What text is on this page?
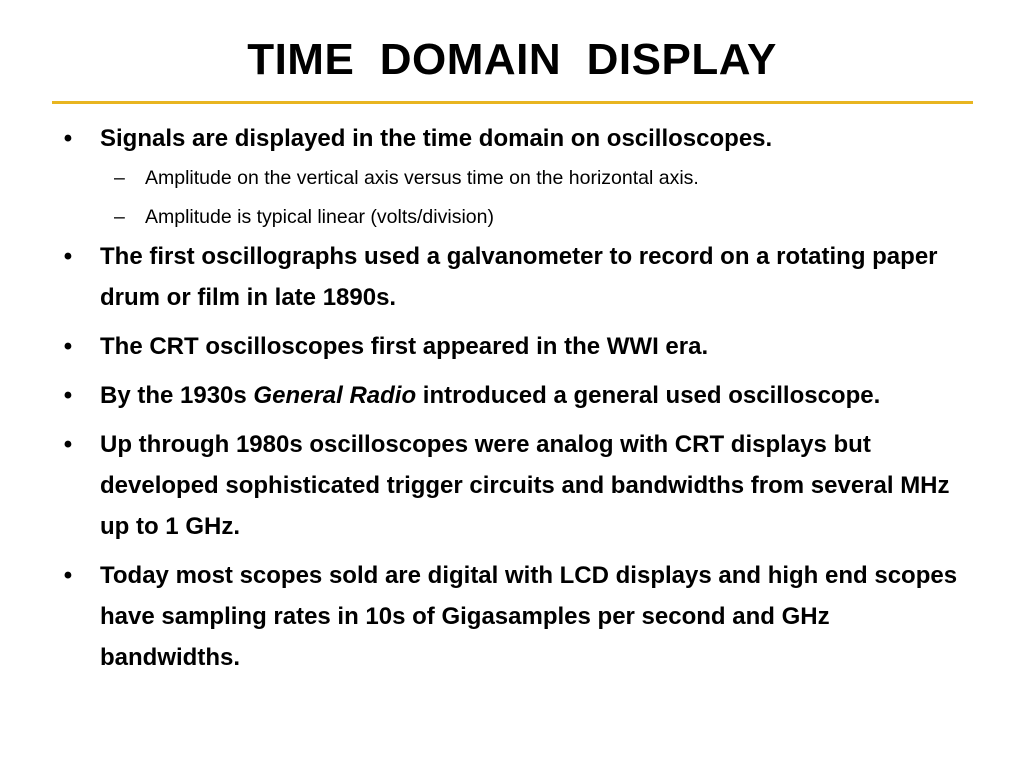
TIME  DOMAIN  DISPLAY
• Signals are displayed in the time domain on oscilloscopes.
–	Amplitude on the vertical axis versus time on the horizontal axis.
–	Amplitude is typical linear (volts/division)
• The first oscillographs used a galvanometer to record on a rotating paper drum or film in late 1890s.
• The CRT oscilloscopes first appeared in the WWI era.
• By the 1930s General Radio introduced a general used oscilloscope.
• Up through 1980s oscilloscopes were analog with CRT displays but developed sophisticated trigger circuits and bandwidths from several MHz up to 1 GHz.
• Today most scopes sold are digital with LCD displays and high end scopes have sampling rates in 10s of Gigasamples per second and GHz bandwidths.
